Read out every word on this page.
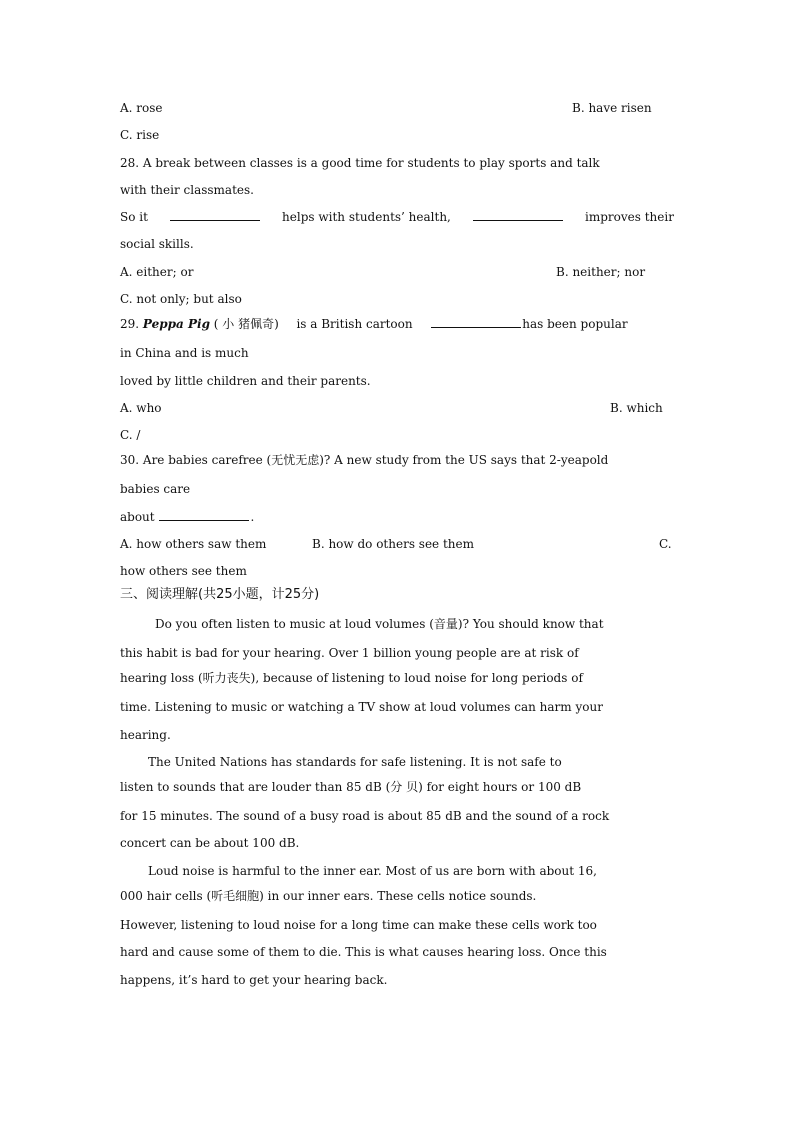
A. rose	B. have risen
C. rise
28. A break between classes is a good time for students to play sports and talk
with their classmates.
So it	helps with students’ health,	improves their
social skills.
A. either; or	B. neither; nor
C. not only; but also
29. Peppa Pig ( 小 猪佩奇) is a British cartoon	has been popular
in China and is much
loved by little children and their parents.
A. who	B. which
C. /
30. Are babies carefree (无忧无虑)? A new study from the US says that 2-yeapold
babies care
about	.
A. how others saw them	B. how do others see them	C.
how others see them
三、阅读理解(共25小题，计25分)
Do you often listen to music at loud volumes (音量)? You should know that
this habit is bad for your hearing. Over 1 billion young people are at risk of
hearing loss (听力丧失), because of listening to loud noise for long periods of
time. Listening to music or watching a TV show at loud volumes can harm your
hearing.
The United Nations has standards for safe listening. It is not safe to
listen to sounds that are louder than 85 dB (分 贝) for eight hours or 100 dB
for 15 minutes. The sound of a busy road is about 85 dB and the sound of a rock
concert can be about 100 dB.
Loud noise is harmful to the inner ear. Most of us are born with about 16,
000 hair cells (听毛细胞) in our inner ears. These cells notice sounds.
However, listening to loud noise for a long time can make these cells work too
hard and cause some of them to die. This is what causes hearing loss. Once this
happens, it’s hard to get your hearing back.
